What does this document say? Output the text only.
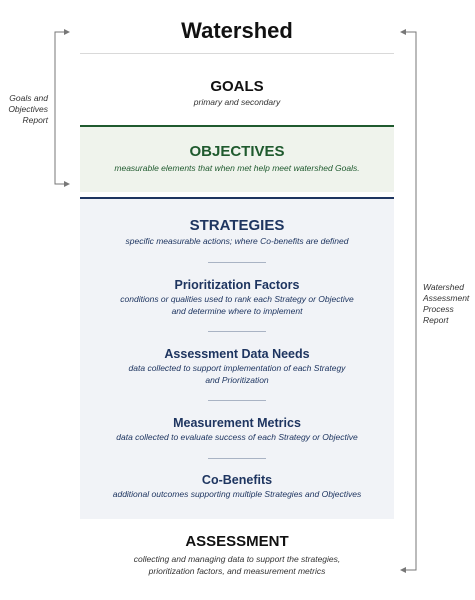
Watershed
GOALS
primary and secondary
OBJECTIVES
measurable elements that when met help meet watershed Goals.
STRATEGIES
specific measurable actions; where Co-benefits are defined
Prioritization Factors
conditions or qualities used to rank each Strategy or Objective
and determine where to implement
Assessment Data Needs
data collected to support implementation of each Strategy
and Prioritization
Measurement Metrics
data collected to evaluate success of each Strategy or Objective
Co-Benefits
additional outcomes supporting multiple Strategies and Objectives
ASSESSMENT
collecting and managing data to support the strategies,
prioritization factors, and measurement metrics
Goals and
Objectives
Report
Watershed
Assessment
Process
Report
